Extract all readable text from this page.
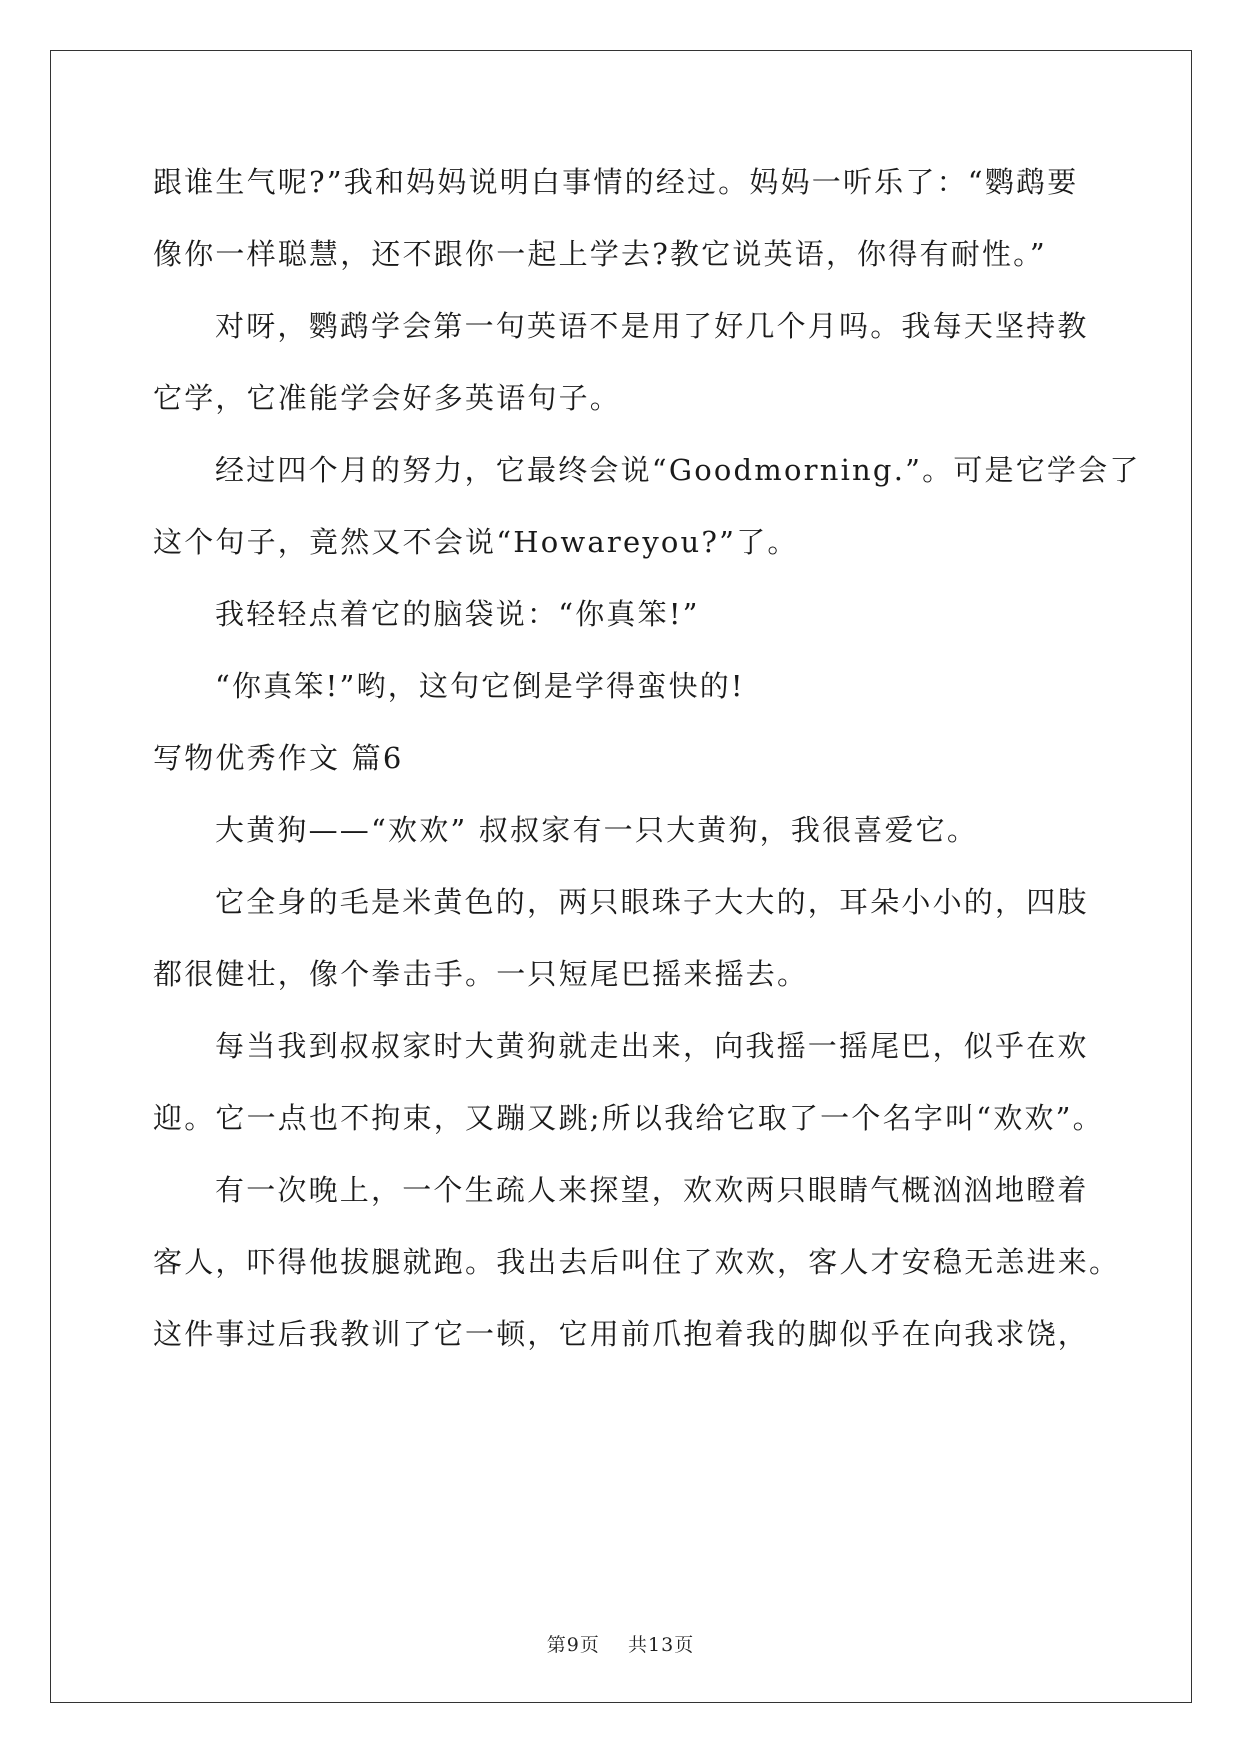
跟谁生气呢?”我和妈妈说明白事情的经过。妈妈一听乐了：“鹦鹉要
像你一样聪慧，还不跟你一起上学去?教它说英语，你得有耐性。”
对呀，鹦鹉学会第一句英语不是用了好几个月吗。我每天坚持教
它学，它准能学会好多英语句子。
经过四个月的努力，它最终会说“Goodmorning.”。可是它学会了
这个句子，竟然又不会说“Howareyou?”了。
我轻轻点着它的脑袋说：“你真笨!”
“你真笨!”哟，这句它倒是学得蛮快的!
写物优秀作文 篇6
大黄狗——“欢欢” 叔叔家有一只大黄狗，我很喜爱它。
它全身的毛是米黄色的，两只眼珠子大大的，耳朵小小的，四肢
都很健壮，像个拳击手。一只短尾巴摇来摇去。
每当我到叔叔家时大黄狗就走出来，向我摇一摇尾巴，似乎在欢
迎。它一点也不拘束，又蹦又跳;所以我给它取了一个名字叫“欢欢”。
有一次晚上，一个生疏人来探望，欢欢两只眼睛气概汹汹地瞪着
客人，吓得他拔腿就跑。我出去后叫住了欢欢，客人才安稳无恙进来。
这件事过后我教训了它一顿，它用前爪抱着我的脚似乎在向我求饶，
第9页 共13页
